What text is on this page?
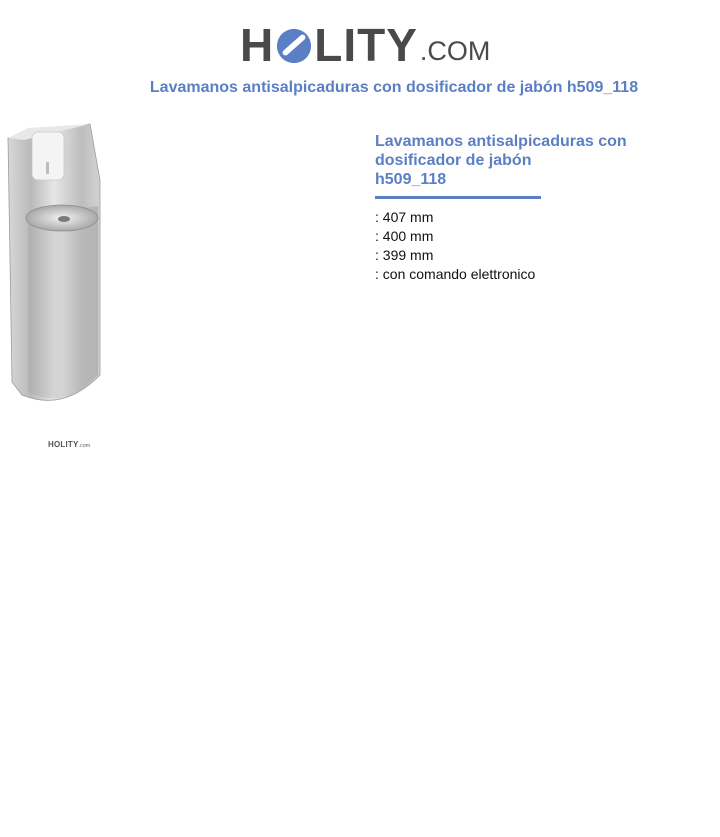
H LITY .COM
Lavamanos antisalpicaduras con dosificador de jabón h509_118
HOLITY.com
Lavamanos antisalpicaduras con
dosificador de jabón
h509_118
: 407 mm
: 400 mm
: 399 mm
: con comando elettronico
